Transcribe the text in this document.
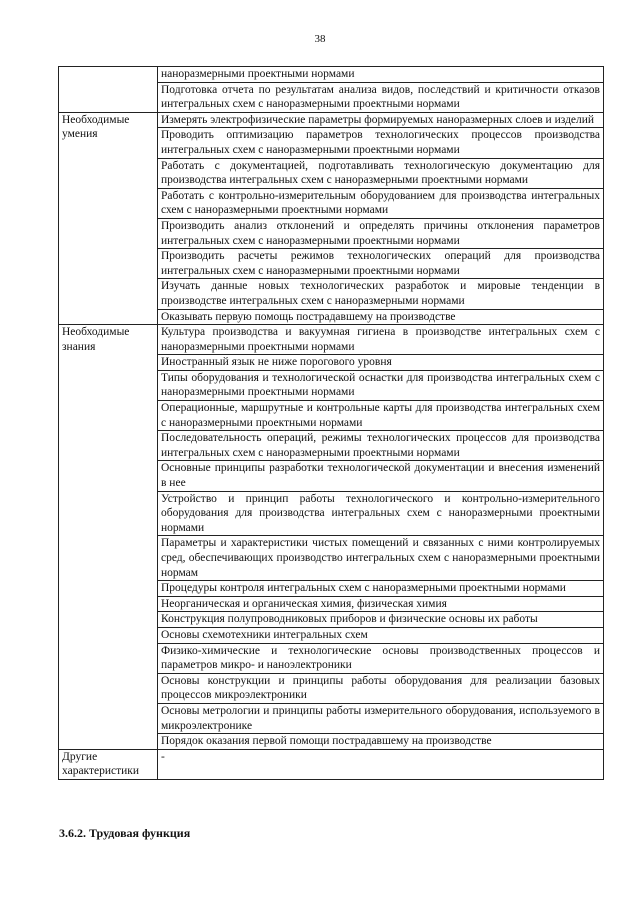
38
	наноразмерными проектными нормами
	Подготовка отчета по результатам анализа видов, последствий и критичности отказов интегральных схем с наноразмерными проектными нормами
Необходимые умения	Измерять электрофизические параметры формируемых наноразмерных слоев и изделий
	Проводить оптимизацию параметров технологических процессов производства интегральных схем с наноразмерными проектными нормами
	Работать с документацией, подготавливать технологическую документацию для производства интегральных схем с наноразмерными проектными нормами
	Работать с контрольно-измерительным оборудованием для производства интегральных схем с наноразмерными проектными нормами
	Производить анализ отклонений и определять причины отклонения параметров интегральных схем с наноразмерными проектными нормами
	Производить расчеты режимов технологических операций для производства интегральных схем с наноразмерными проектными нормами
	Изучать данные новых технологических разработок и мировые тенденции в производстве интегральных схем с наноразмерными нормами
	Оказывать первую помощь пострадавшему на производстве
Необходимые знания	Культура производства и вакуумная гигиена в производстве интегральных схем с наноразмерными проектными нормами
	Иностранный язык не ниже порогового уровня
	Типы оборудования и технологической оснастки для производства интегральных схем с наноразмерными проектными нормами
	Операционные, маршрутные и контрольные карты для производства интегральных схем с наноразмерными проектными нормами
	Последовательность операций, режимы технологических процессов для производства интегральных схем с наноразмерными проектными нормами
	Основные принципы разработки технологической документации и внесения изменений в нее
	Устройство и принцип работы технологического и контрольно-измерительного оборудования для производства интегральных схем с наноразмерными проектными нормами
	Параметры и характеристики чистых помещений и связанных с ними контролируемых сред, обеспечивающих производство интегральных схем с наноразмерными проектными нормам
	Процедуры контроля интегральных схем с наноразмерными проектными нормами
	Неорганическая и органическая химия, физическая химия
	Конструкция полупроводниковых приборов и физические основы их работы
	Основы схемотехники интегральных схем
	Физико-химические и технологические основы производственных процессов и параметров микро- и наноэлектроники
	Основы конструкции и принципы работы оборудования для реализации базовых процессов микроэлектроники
	Основы метрологии и принципы работы измерительного оборудования, используемого в микроэлектронике
	Порядок оказания первой помощи пострадавшему на производстве
Другие характеристики	-
3.6.2. Трудовая функция
